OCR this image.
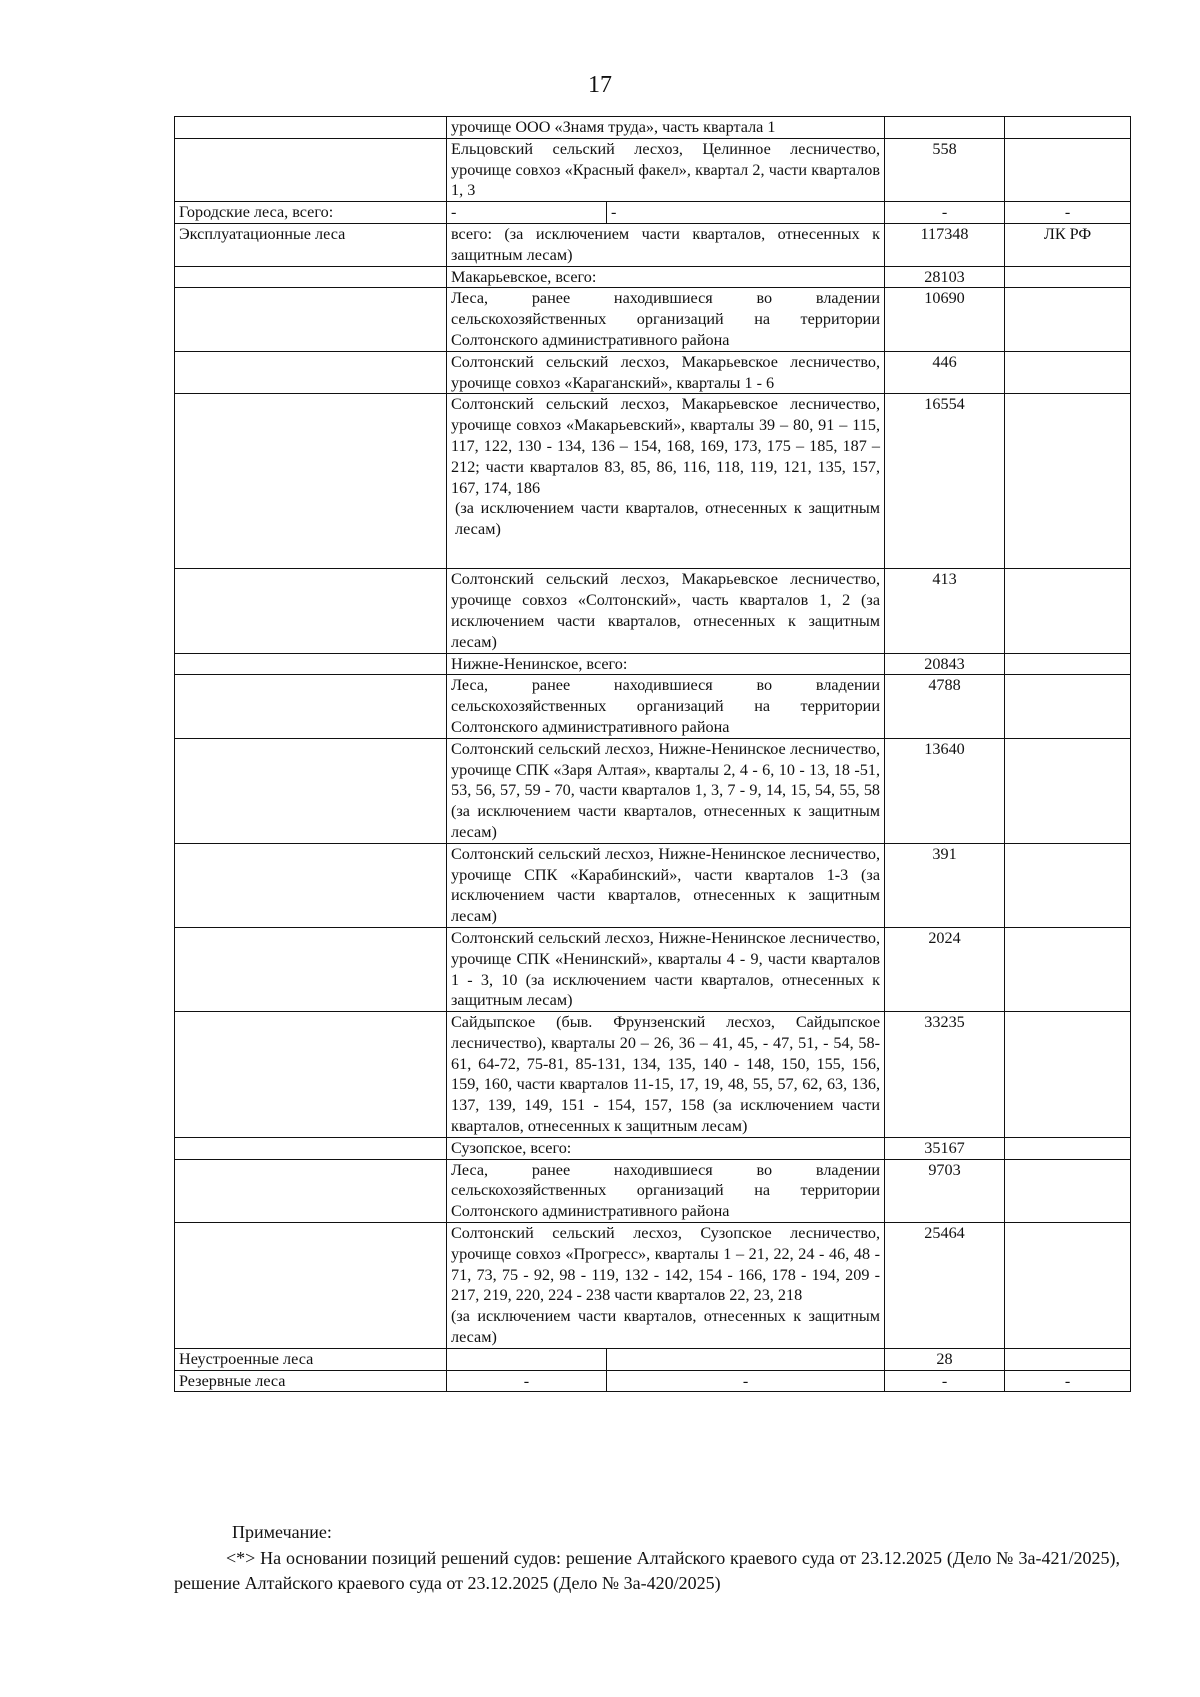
17
	урочище ООО «Знамя труда», часть квартала 1			
	Ельцовский сельский лесхоз, Целинное лесничество, урочище совхоз «Красный факел», квартал 2, части кварталов 1, 3		558	
Городские леса, всего:	-	-	-	-
Эксплуатационные леса	всего: (за исключением части кварталов, отнесенных к защитным лесам)		117348	ЛК РФ
	Макарьевское, всего:		28103	
	Леса, ранее находившиеся во владении сельскохозяйственных организаций на территории Солтонского административного района		10690	
	Солтонский сельский лесхоз, Макарьевское лесничество, урочище совхоз «Караганский», кварталы 1 - 6		446	

	Солтонский сельский лесхоз, Макарьевское лесничество, урочище совхоз «Макарьевский», кварталы 39 – 80, 91 – 115, 117, 122, 130 - 134, 136 – 154, 168, 169, 173, 175 – 185, 187 – 212; части кварталов 83, 85, 86, 116, 118, 119, 121, 135, 157, 167, 174, 186
(за исключением части кварталов, отнесенных к защитным лесам)		16554	
	Солтонский сельский лесхоз, Макарьевское лесничество, урочище совхоз «Солтонский», часть кварталов 1, 2 (за исключением части кварталов, отнесенных к защитным лесам)		413	
	Нижне-Ненинское, всего:		20843	
	Леса, ранее находившиеся во владении сельскохозяйственных организаций на территории Солтонского административного района		4788	
	Солтонский сельский лесхоз, Нижне-Ненинское лесничество, урочище СПК «Заря Алтая», кварталы 2, 4 - 6, 10 - 13, 18 -51, 53, 56, 57, 59 - 70, части кварталов 1, 3, 7 - 9, 14, 15, 54, 55, 58 (за исключением части кварталов, отнесенных к защитным лесам)		13640	
	Солтонский сельский лесхоз, Нижне-Ненинское лесничество, урочище СПК «Карабинский», части кварталов 1-3 (за исключением части кварталов, отнесенных к защитным лесам)		391	
	Солтонский сельский лесхоз, Нижне-Ненинское лесничество, урочище СПК «Ненинский», кварталы 4 - 9, части кварталов 1 - 3, 10 (за исключением части кварталов, отнесенных к защитным лесам)		2024	
	Сайдыпское (быв. Фрунзенский лесхоз, Сайдыпское лесничество), кварталы 20 – 26, 36 – 41, 45, - 47, 51, - 54, 58-61, 64-72, 75-81, 85-131, 134, 135, 140 - 148, 150, 155, 156, 159, 160, части кварталов 11-15, 17, 19, 48, 55, 57, 62, 63, 136, 137, 139, 149, 151 - 154, 157, 158 (за исключением части кварталов, отнесенных к защитным лесам)		33235	
	Сузопское, всего:		35167	
	Леса, ранее находившиеся во владении сельскохозяйственных организаций на территории Солтонского административного района		9703	

	Солтонский сельский лесхоз, Сузопское лесничество, урочище совхоз «Прогресс», кварталы 1 – 21, 22, 24 - 46, 48 - 71, 73, 75 - 92, 98 - 119, 132 - 142, 154 - 166, 178 - 194, 209 - 217, 219, 220, 224 - 238 части кварталов 22, 23, 218
(за исключением части кварталов, отнесенных к защитным лесам)		25464	
Неустроенные леса			28	
Резервные леса	-	-	-	-
Примечание:
<*> На основании позиций решений судов: решение Алтайского краевого суда от 23.12.2025 (Дело № 3а-421/2025), решение Алтайского краевого суда от 23.12.2025 (Дело № 3а-420/2025)
